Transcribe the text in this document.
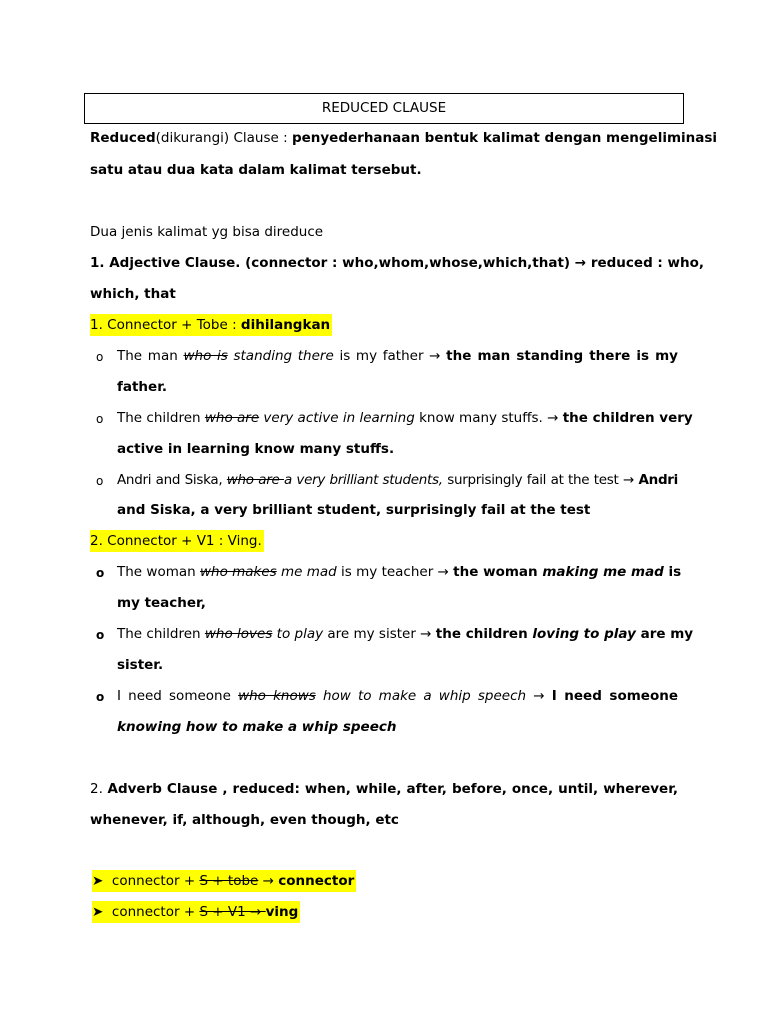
REDUCED CLAUSE
Reduced(dikurangi) Clause : penyederhanaan bentuk kalimat dengan mengeliminasi
satu atau dua kata dalam kalimat tersebut.
Dua jenis kalimat yg bisa direduce
1. Adjective Clause. (connector : who,whom,whose,which,that) → reduced : who,
which, that
1. Connector + Tobe : dihilangkan
o The man who is standing there is my father → the man standing there is my
father.
o The children who are very active in learning know many stuffs. → the children very
active in learning know many stuffs.
o Andri and Siska, who are a very brilliant students, surprisingly fail at the test → Andri
and Siska, a very brilliant student, surprisingly fail at the test
2. Connector + V1 : Ving.
o The woman who makes me mad is my teacher → the woman making me mad is
my teacher,
o The children who loves to play are my sister → the children loving to play are my
sister.
o I need someone who knows how to make a whip speech → I need someone
knowing how to make a whip speech
2. Adverb Clause , reduced: when, while, after, before, once, until, wherever,
whenever, if, although, even though, etc
➤  connector + S + tobe → connector
➤  connector + S + V1 → ving
